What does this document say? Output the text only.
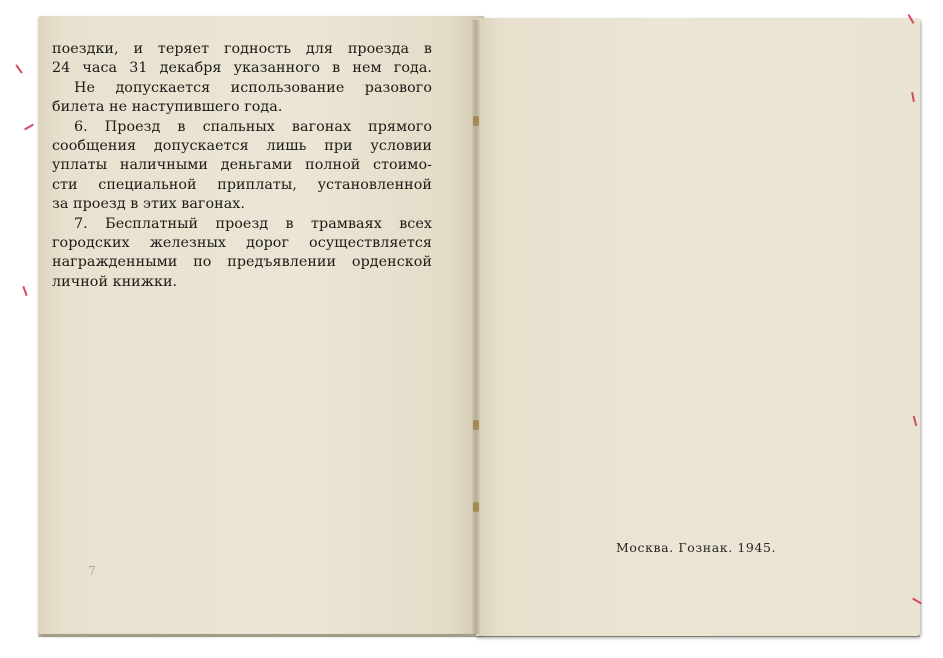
поездки, и теряет годность для проезда в
24 часа 31 декабря указанного в нем года.
Не допускается использование разового
билета не наступившего года.
6. Проезд в спальных вагонах прямого
сообщения допускается лишь при условии
уплаты наличными деньгами полной стоимо-
сти специальной приплаты, установленной
за проезд в этих вагонах.
7. Бесплатный проезд в трамваях всех
городских железных дорог осуществляется
награжденными по предъявлении орденской
личной книжки.
7
Москва. Гознак. 1945.
